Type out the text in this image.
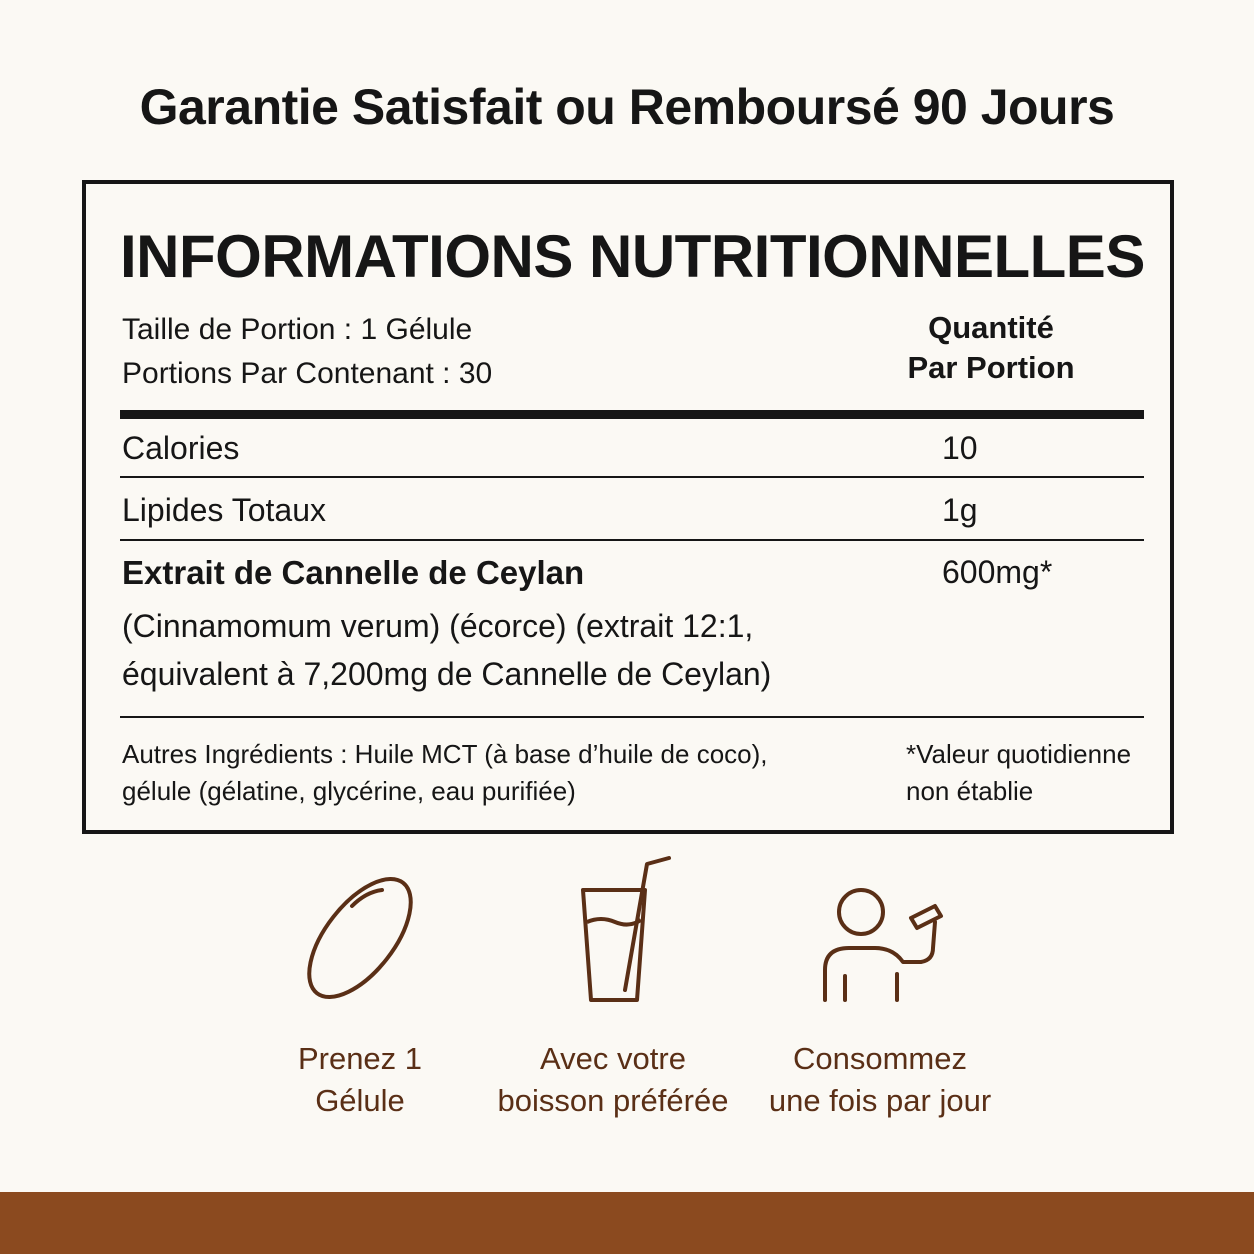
Garantie Satisfait ou Remboursé 90 Jours
INFORMATIONS NUTRITIONNELLES
Taille de Portion : 1 Gélule
Portions Par Contenant : 30
Quantité
Par Portion
Calories	10
Lipides Totaux	1g
Extrait de Cannelle de Ceylan	600mg*
(Cinnamomum verum) (écorce) (extrait 12:1,
équivalent à 7,200mg de Cannelle de Ceylan)
Autres Ingrédients : Huile MCT (à base d’huile de coco),
gélule (gélatine, glycérine, eau purifiée)
*Valeur quotidienne
non établie
Prenez 1
Gélule
Avec votre
boisson préférée
Consommez
une fois par jour
